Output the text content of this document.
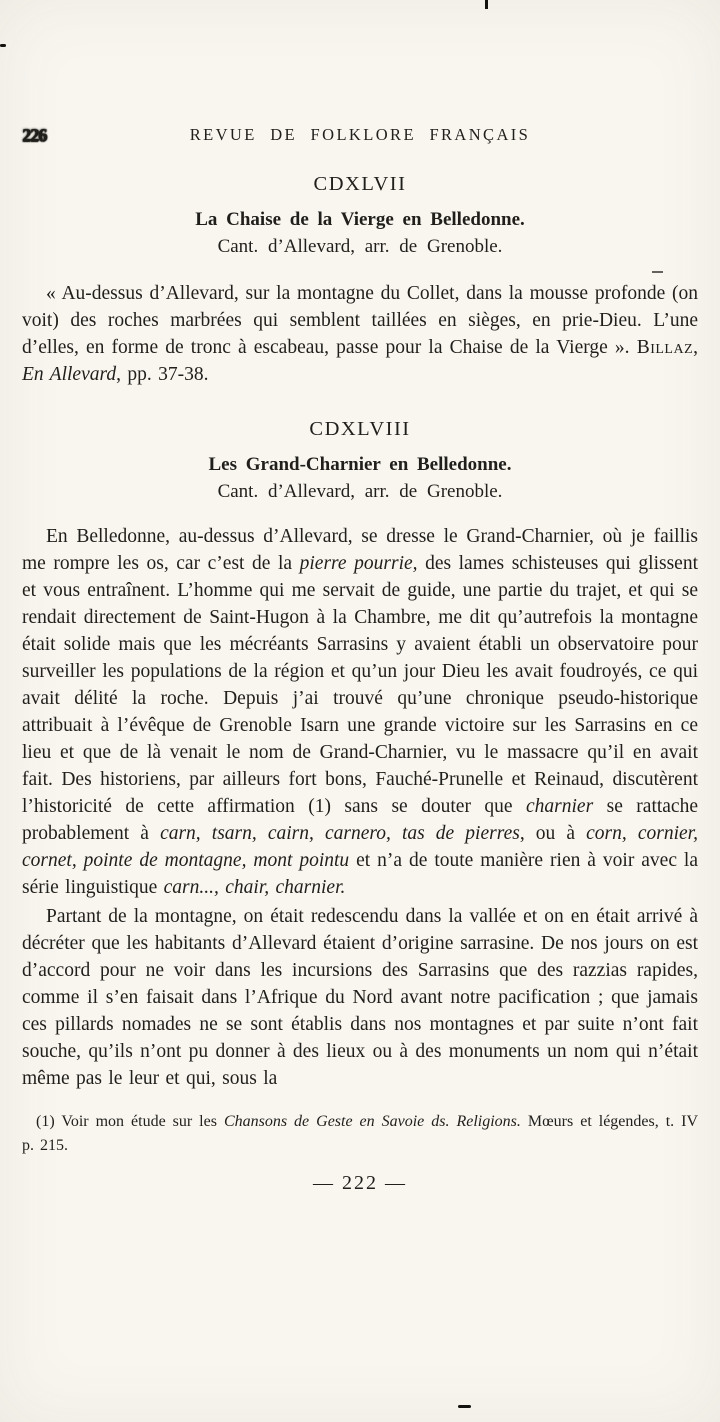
226	REVUE DE FOLKLORE FRANÇAIS
CDXLVII
La Chaise de la Vierge en Belledonne.
Cant. d’Allevard, arr. de Grenoble.

« Au-dessus d’Allevard, sur la montagne du Collet, dans la mousse profonde (on voit) des roches marbrées qui semblent taillées en sièges, en prie-Dieu. L’une d’elles, en forme de tronc à escabeau, passe pour la Chaise de la Vierge ». Billaz, En Allevard, pp. 37-38.

CDXLVIII
Les Grand-Charnier en Belledonne.
Cant. d’Allevard, arr. de Grenoble.

En Belledonne, au-dessus d’Allevard, se dresse le Grand-Charnier, où je faillis me rompre les os, car c’est de la pierre pourrie, des lames schisteuses qui glissent et vous entraînent. L’homme qui me servait de guide, une partie du trajet, et qui se rendait directement de Saint-Hugon à la Chambre, me dit qu’autrefois la montagne était solide mais que les mécréants Sarrasins y avaient établi un observatoire pour surveiller les populations de la région et qu’un jour Dieu les avait foudroyés, ce qui avait délité la roche. Depuis j’ai trouvé qu’une chronique pseudo-historique attribuait à l’évêque de Grenoble Isarn une grande victoire sur les Sarrasins en ce lieu et que de là venait le nom de Grand-Charnier, vu le massacre qu’il en avait fait. Des historiens, par ailleurs fort bons, Fauché-Prunelle et Reinaud, discutèrent l’historicité de cette affirmation (1) sans se douter que charnier se rattache probablement à carn, tsarn, cairn, carnero, tas de pierres, ou à corn, cornier, cornet, pointe de montagne, mont pointu et n’a de toute manière rien à voir avec la série linguistique carn..., chair, charnier.

Partant de la montagne, on était redescendu dans la vallée et on en était arrivé à décréter que les habitants d’Allevard étaient d’origine sarrasine. De nos jours on est d’accord pour ne voir dans les incursions des Sarrasins que des razzias rapides, comme il s’en faisait dans l’Afrique du Nord avant notre pacification ; que jamais ces pillards nomades ne se sont établis dans nos montagnes et par suite n’ont fait souche, qu’ils n’ont pu donner à des lieux ou à des monuments un nom qui n’était même pas le leur et qui, sous la

(1) Voir mon étude sur les Chansons de Geste en Savoie ds. Religions. Mœurs et légendes, t. IV p. 215.
— 222 —
